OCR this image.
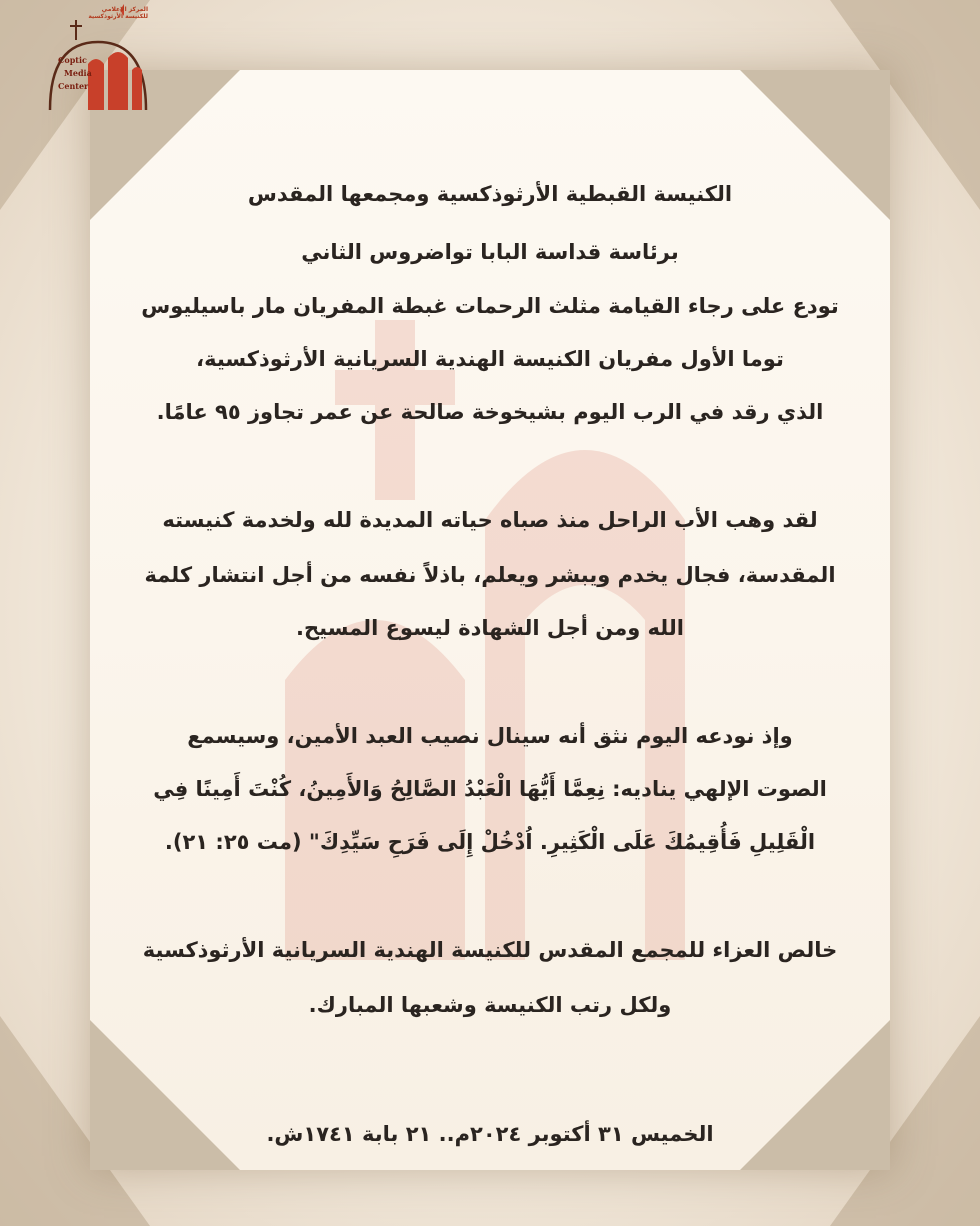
المركز الإعلامي
للكنيسة الأرثوذكسية
Coptic
Media
Center
الكنيسة القبطية الأرثوذكسية ومجمعها المقدس
برئاسة قداسة البابا تواضروس الثاني
تودع على رجاء القيامة مثلث الرحمات غبطة المفريان مار باسيليوس
توما الأول مفريان الكنيسة الهندية السريانية الأرثوذكسية،
الذي رقد في الرب اليوم بشيخوخة صالحة عن عمر تجاوز ٩٥ عامًا.
لقد وهب الأب الراحل منذ صباه حياته المديدة لله ولخدمة كنيسته
المقدسة، فجال يخدم ويبشر ويعلم، باذلاً نفسه من أجل انتشار كلمة
الله ومن أجل الشهادة ليسوع المسيح.
وإذ نودعه اليوم نثق أنه سينال نصيب العبد الأمين، وسيسمع
الصوت الإلهي يناديه: نِعِمَّا أَيُّهَا الْعَبْدُ الصَّالِحُ وَالأَمِينُ، كُنْتَ أَمِينًا فِي
الْقَلِيلِ فَأُقِيمُكَ عَلَى الْكَثِيرِ. اُدْخُلْ إِلَى فَرَحِ سَيِّدِكَ" (مت ٢٥: ٢١).
خالص العزاء للمجمع المقدس للكنيسة الهندية السريانية الأرثوذكسية
ولكل رتب الكنيسة وشعبها المبارك.
الخميس ٣١ أكتوبر ٢٠٢٤م.. ٢١ بابة ١٧٤١ش.
